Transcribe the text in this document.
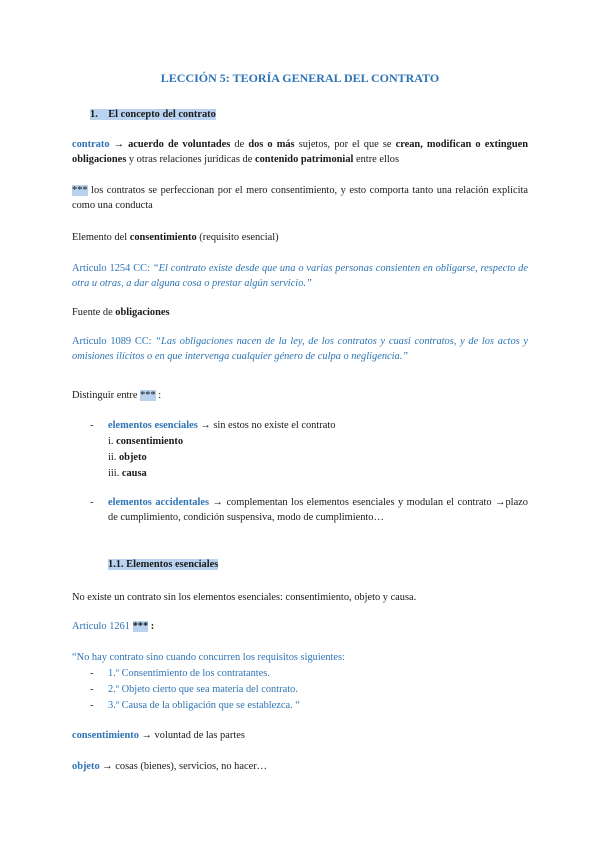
LECCIÓN 5: TEORÍA GENERAL DEL CONTRATO
1. El concepto del contrato
contrato → acuerdo de voluntades de dos o más sujetos, por el que se crean, modifican o extinguen obligaciones y otras relaciones jurídicas de contenido patrimonial entre ellos
*** los contratos se perfeccionan por el mero consentimiento, y esto comporta tanto una relación explícita como una conducta
Elemento del consentimiento (requisito esencial)
Artículo 1254 CC: “El contrato existe desde que una o varias personas consienten en obligarse, respecto de otra u otras, a dar alguna cosa o prestar algún servicio.”
Fuente de obligaciones
Artículo 1089 CC: “Las obligaciones nacen de la ley, de los contratos y cuasi contratos, y de los actos y omisiones ilícitos o en que intervenga cualquier género de culpa o negligencia.”
Distinguir entre *** :
- elementos esenciales → sin estos no existe el contrato
i. consentimiento
ii. objeto
iii. causa
- elementos accidentales → complementan los elementos esenciales y modulan el contrato →plazo de cumplimiento, condición suspensiva, modo de cumplimiento…
1.1. Elementos esenciales
No existe un contrato sin los elementos esenciales: consentimiento, objeto y causa.
Artículo 1261 *** :
“No hay contrato sino cuando concurren los requisitos siguientes:
- 1.º Consentimiento de los contratantes.
- 2.º Objeto cierto que sea materia del contrato.
- 3.º Causa de la obligación que se establezca. “
consentimiento → voluntad de las partes
objeto → cosas (bienes), servicios, no hacer…
